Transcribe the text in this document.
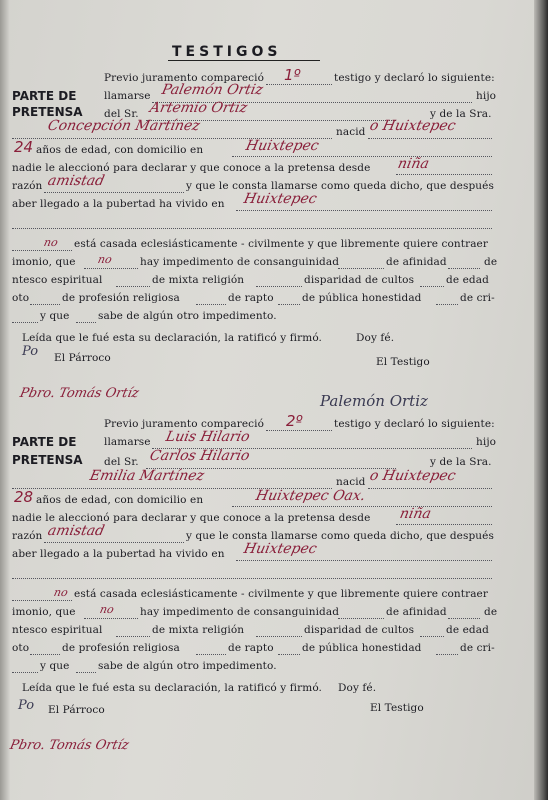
TESTIGOS
PARTE DE
PRETENSA
Previo juramento compareció 1º	testigo y declaró lo siguiente:
llamarse Palemón Ortiz	hijo
del Sr. Artemio Ortiz	y de la Sra.
Concepción Martínez	nacid o Huixtepec
24 años de edad, con domicilio en	Huixtepec
nadie le aleccionó para declarar y que conoce a la pretensa desde niña
razón amistad	y que le consta llamarse como queda dicho, que después
aber llegado a la pubertad ha vivido en Huixtepec
no está casada eclesiásticamente - civilmente y que libremente quiere contraer
imonio, que no	hay impedimento de consanguinidad	de afinidad	de
ntesco espiritual	de mixta religión	disparidad de cultos	de edad
oto	de profesión religiosa	de rapto	de pública honestidad	de cri-
y que	sabe de algún otro impedimento.
Leída que le fué esta su declaración, la ratificó y firmó.	Doy fé.
El Párroco	El Testigo
Po
Pbro. Tomás Ortíz	Palemón Ortiz
PARTE DE
PRETENSA
Previo juramento compareció 2º	testigo y declaró lo siguiente:
llamarse Luis Hilario	hijo
del Sr. Carlos Hilario	y de la Sra.
Emilia Martínez	nacid o Huixtepec
28 años de edad, con domicilio en	Huixtepec Oax.
nadie le aleccionó para declarar y que conoce a la pretensa desde niña
razón amistad	y que le consta llamarse como queda dicho, que después
aber llegado a la pubertad ha vivido en Huixtepec
no está casada eclesiásticamente - civilmente y que libremente quiere contraer
imonio, que no hay impedimento de consanguinidad	de afinidad	de
ntesco espiritual	de mixta religión	disparidad de cultos	de edad
oto	de profesión religiosa	de rapto	de pública honestidad	de cri-
y que	sabe de algún otro impedimento.
Leída que le fué esta su declaración, la ratificó y firmó. Doy fé.
El Párroco	El Testigo
Po
Pbro. Tomás Ortíz
